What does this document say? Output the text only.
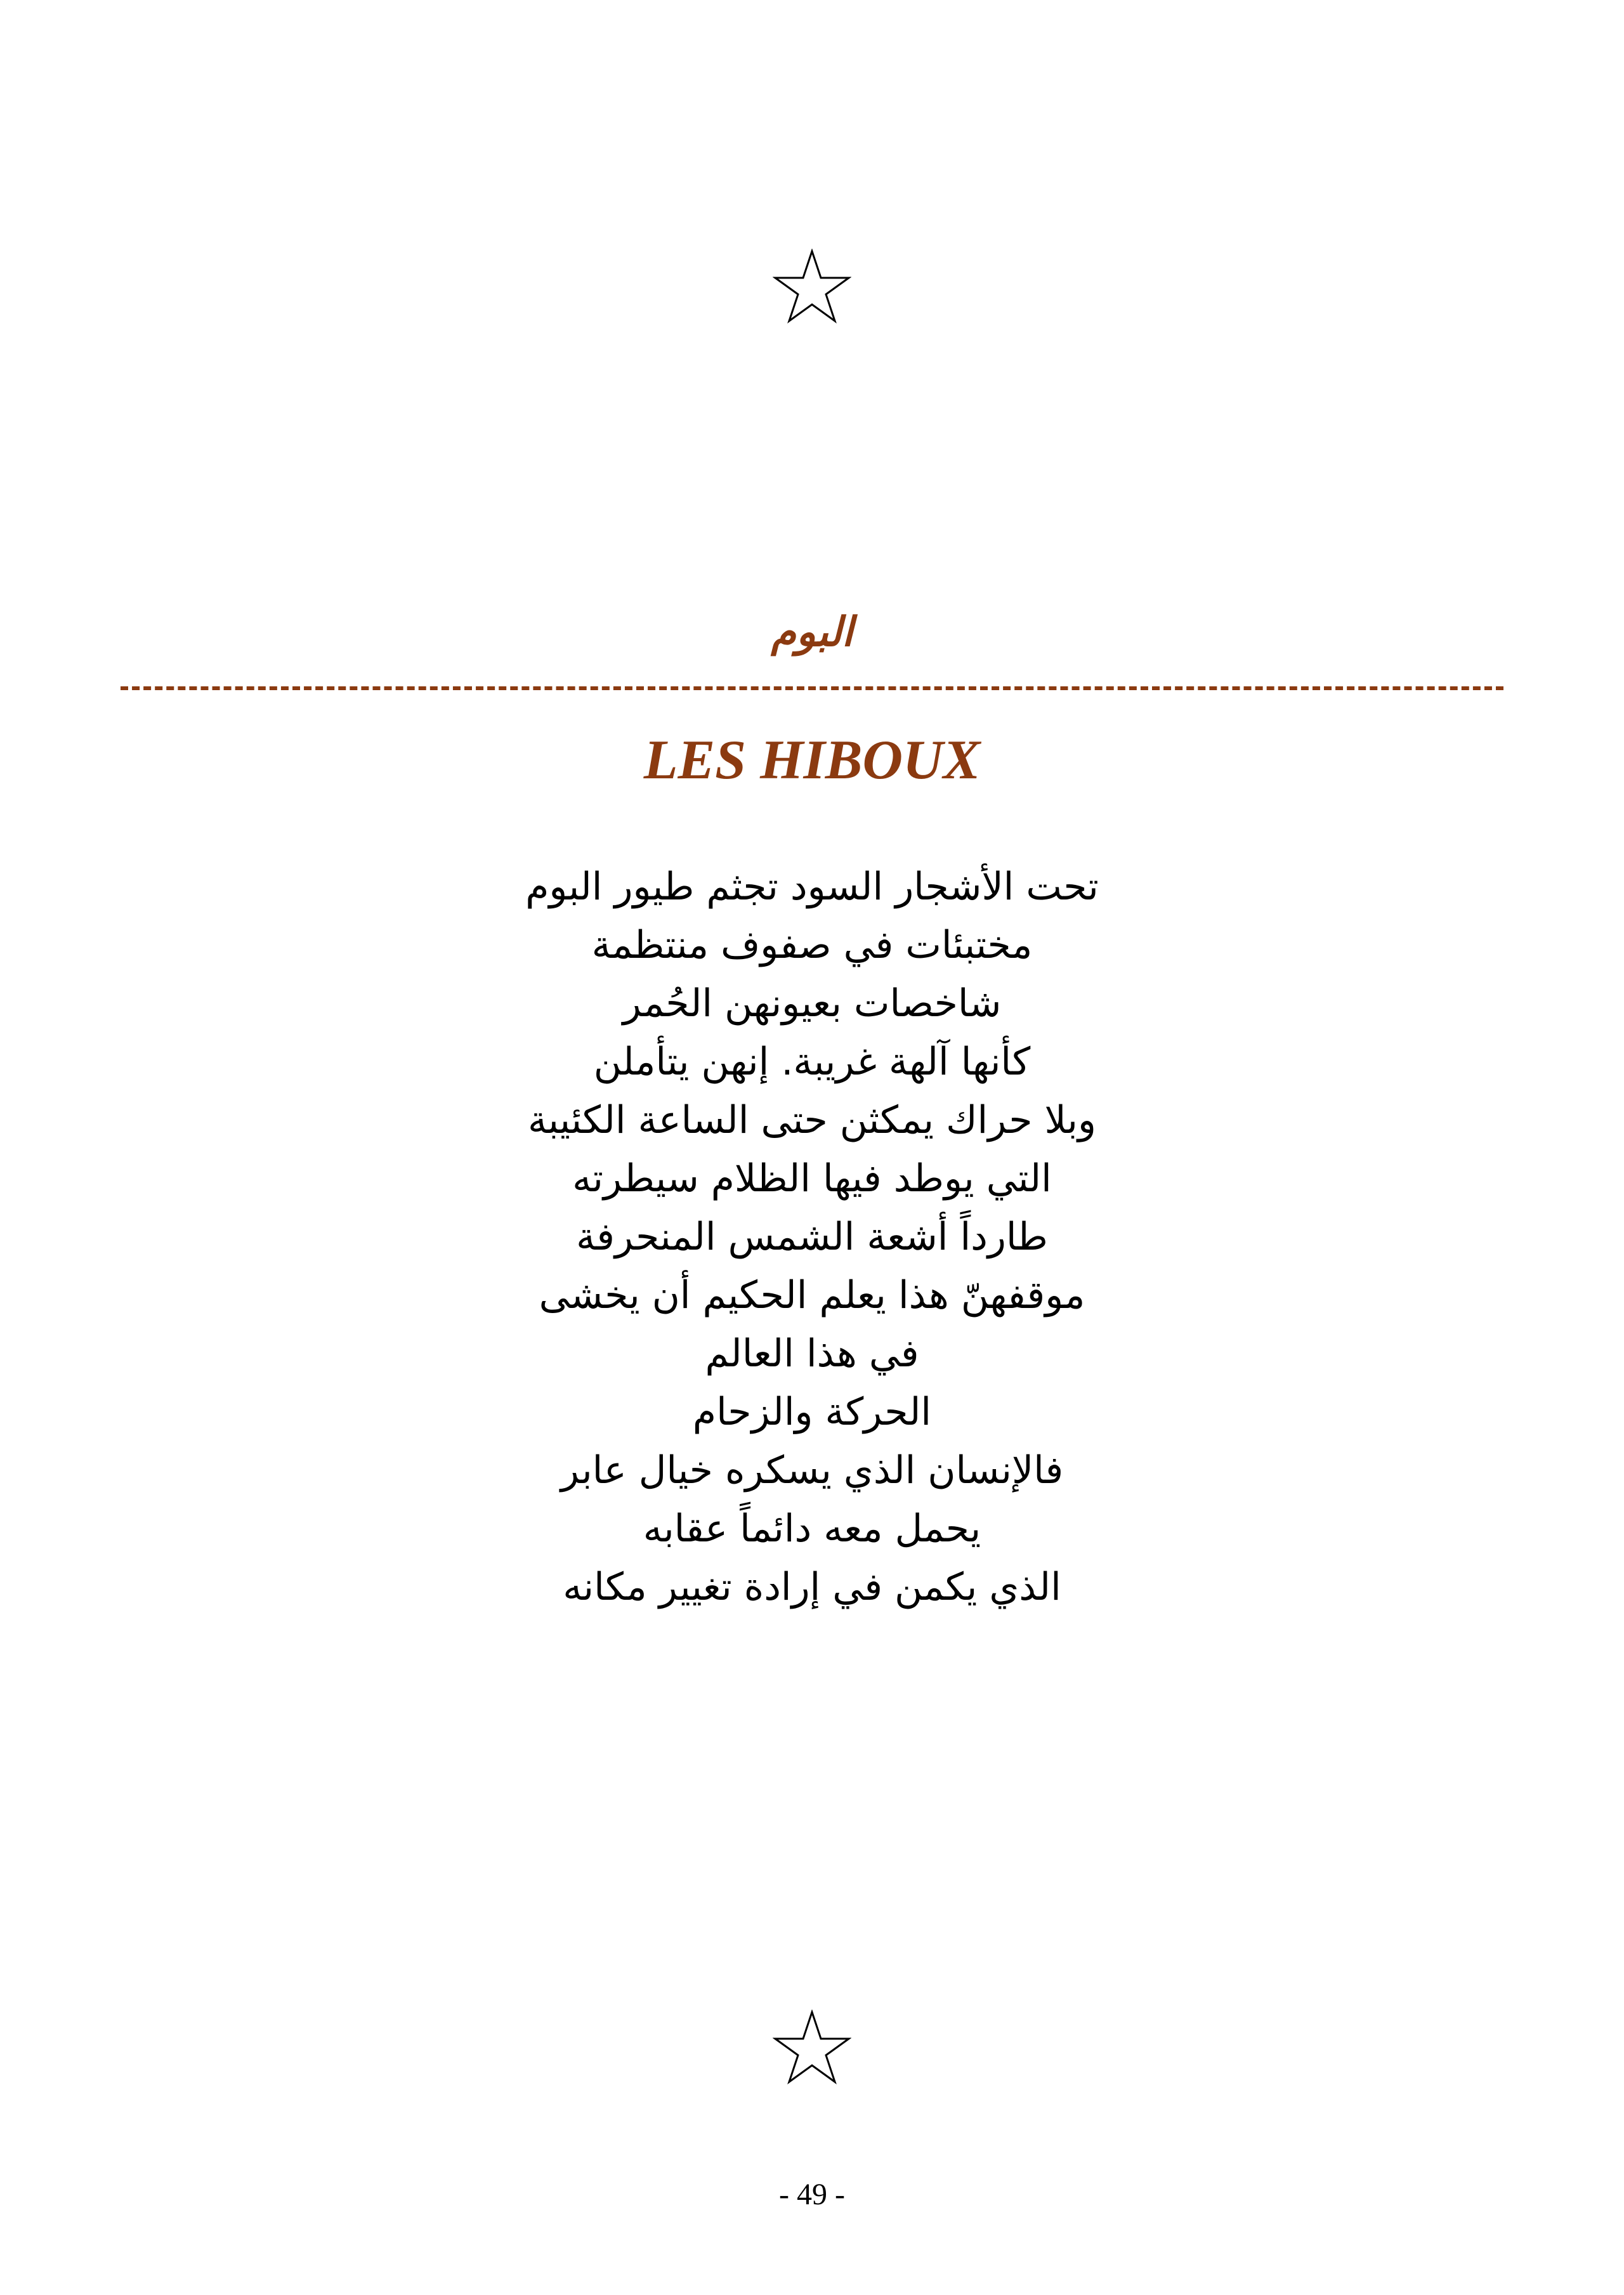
البوم
LES HIBOUX
تحت الأشجار السود تجثم طيور البوم
مختبئات في صفوف منتظمة
شاخصات بعيونهن الحُمر
كأنها آلهة غريبة. إنهن يتأملن
وبلا حراك يمكثن حتى الساعة الكئيبة
التي يوطد فيها الظلام سيطرته
طارداً أشعة الشمس المنحرفة
موقفهنّ هذا يعلم الحكيم أن يخشى
في هذا العالم
الحركة والزحام
فالإنسان الذي يسكره خيال عابر
يحمل معه دائماً عقابه
الذي يكمن في إرادة تغيير مكانه
- 49 -
